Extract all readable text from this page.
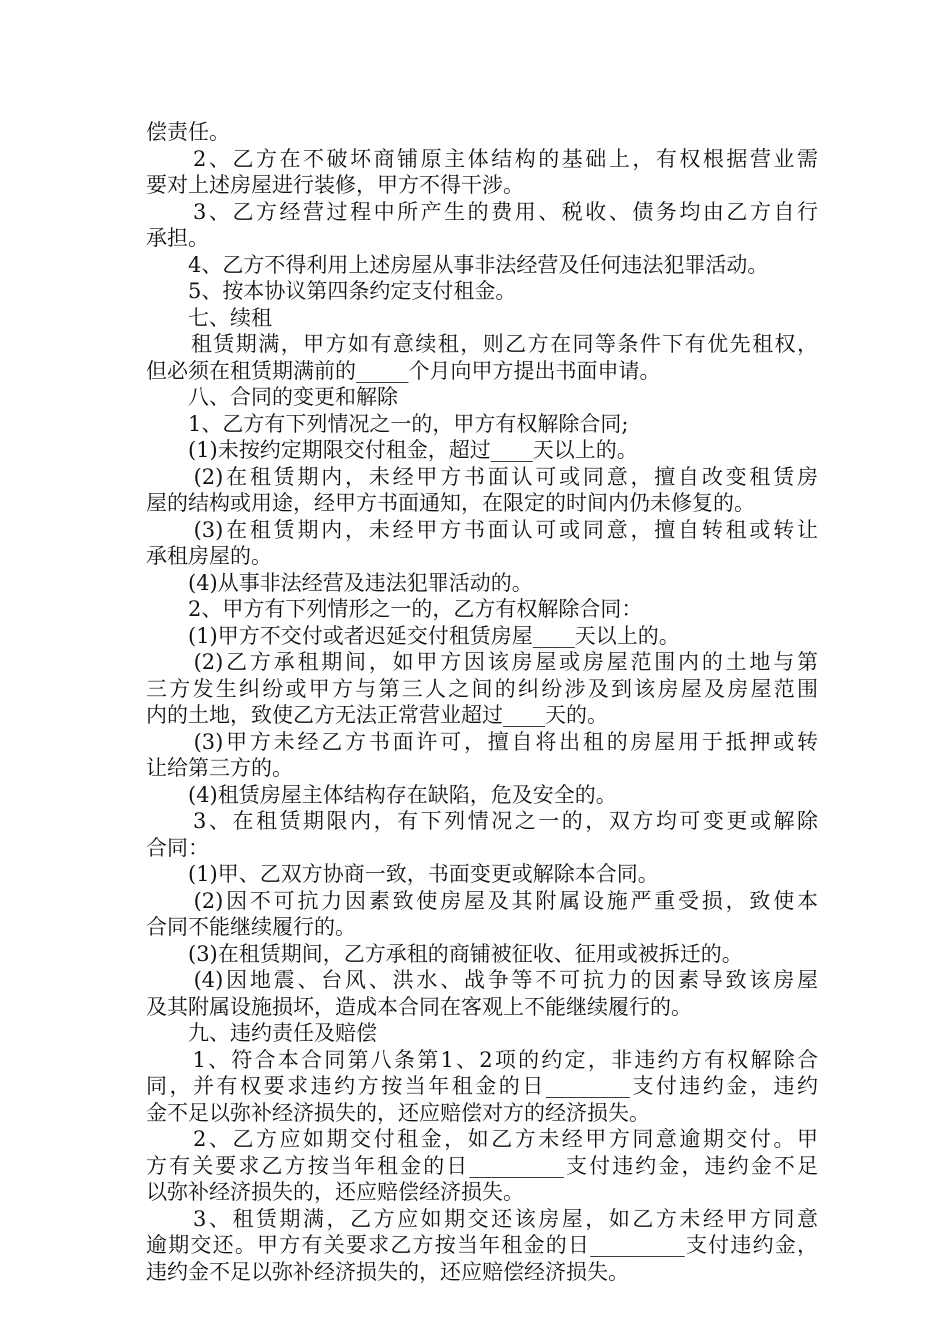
偿责任。
　　2、乙方在不破坏商铺原主体结构的基础上，有权根据营业需
要对上述房屋进行装修，甲方不得干涉。
　　3、乙方经营过程中所产生的费用、税收、债务均由乙方自行
承担。
　　4、乙方不得利用上述房屋从事非法经营及任何违法犯罪活动。
　　5、按本协议第四条约定支付租金。
　　七、续租
　　租赁期满，甲方如有意续租，则乙方在同等条件下有优先租权，
但必须在租赁期满前的_____个月向甲方提出书面申请。
　　八、合同的变更和解除
　　1、乙方有下列情况之一的，甲方有权解除合同;
　　(1)未按约定期限交付租金，超过____天以上的。
　　(2)在租赁期内，未经甲方书面认可或同意，擅自改变租赁房
屋的结构或用途，经甲方书面通知，在限定的时间内仍未修复的。
　　(3)在租赁期内，未经甲方书面认可或同意，擅自转租或转让
承租房屋的。
　　(4)从事非法经营及违法犯罪活动的。
　　2、甲方有下列情形之一的，乙方有权解除合同：
　　(1)甲方不交付或者迟延交付租赁房屋____天以上的。
　　(2)乙方承租期间，如甲方因该房屋或房屋范围内的土地与第
三方发生纠纷或甲方与第三人之间的纠纷涉及到该房屋及房屋范围
内的土地，致使乙方无法正常营业超过____天的。
　　(3)甲方未经乙方书面许可，擅自将出租的房屋用于抵押或转
让给第三方的。
　　(4)租赁房屋主体结构存在缺陷，危及安全的。
　　3、在租赁期限内，有下列情况之一的，双方均可变更或解除
合同：
　　(1)甲、乙双方协商一致，书面变更或解除本合同。
　　(2)因不可抗力因素致使房屋及其附属设施严重受损，致使本
合同不能继续履行的。
　　(3)在租赁期间，乙方承租的商铺被征收、征用或被拆迁的。
　　(4)因地震、台风、洪水、战争等不可抗力的因素导致该房屋
及其附属设施损坏，造成本合同在客观上不能继续履行的。
　　九、违约责任及赔偿
　　1、符合本合同第八条第1、2项的约定，非违约方有权解除合
同，并有权要求违约方按当年租金的日________支付违约金，违约
金不足以弥补经济损失的，还应赔偿对方的经济损失。
　　2、乙方应如期交付租金，如乙方未经甲方同意逾期交付。甲
方有关要求乙方按当年租金的日_________支付违约金，违约金不足
以弥补经济损失的，还应赔偿经济损失。
　　3、租赁期满，乙方应如期交还该房屋，如乙方未经甲方同意
逾期交还。甲方有关要求乙方按当年租金的日_________支付违约金，
违约金不足以弥补经济损失的，还应赔偿经济损失。
